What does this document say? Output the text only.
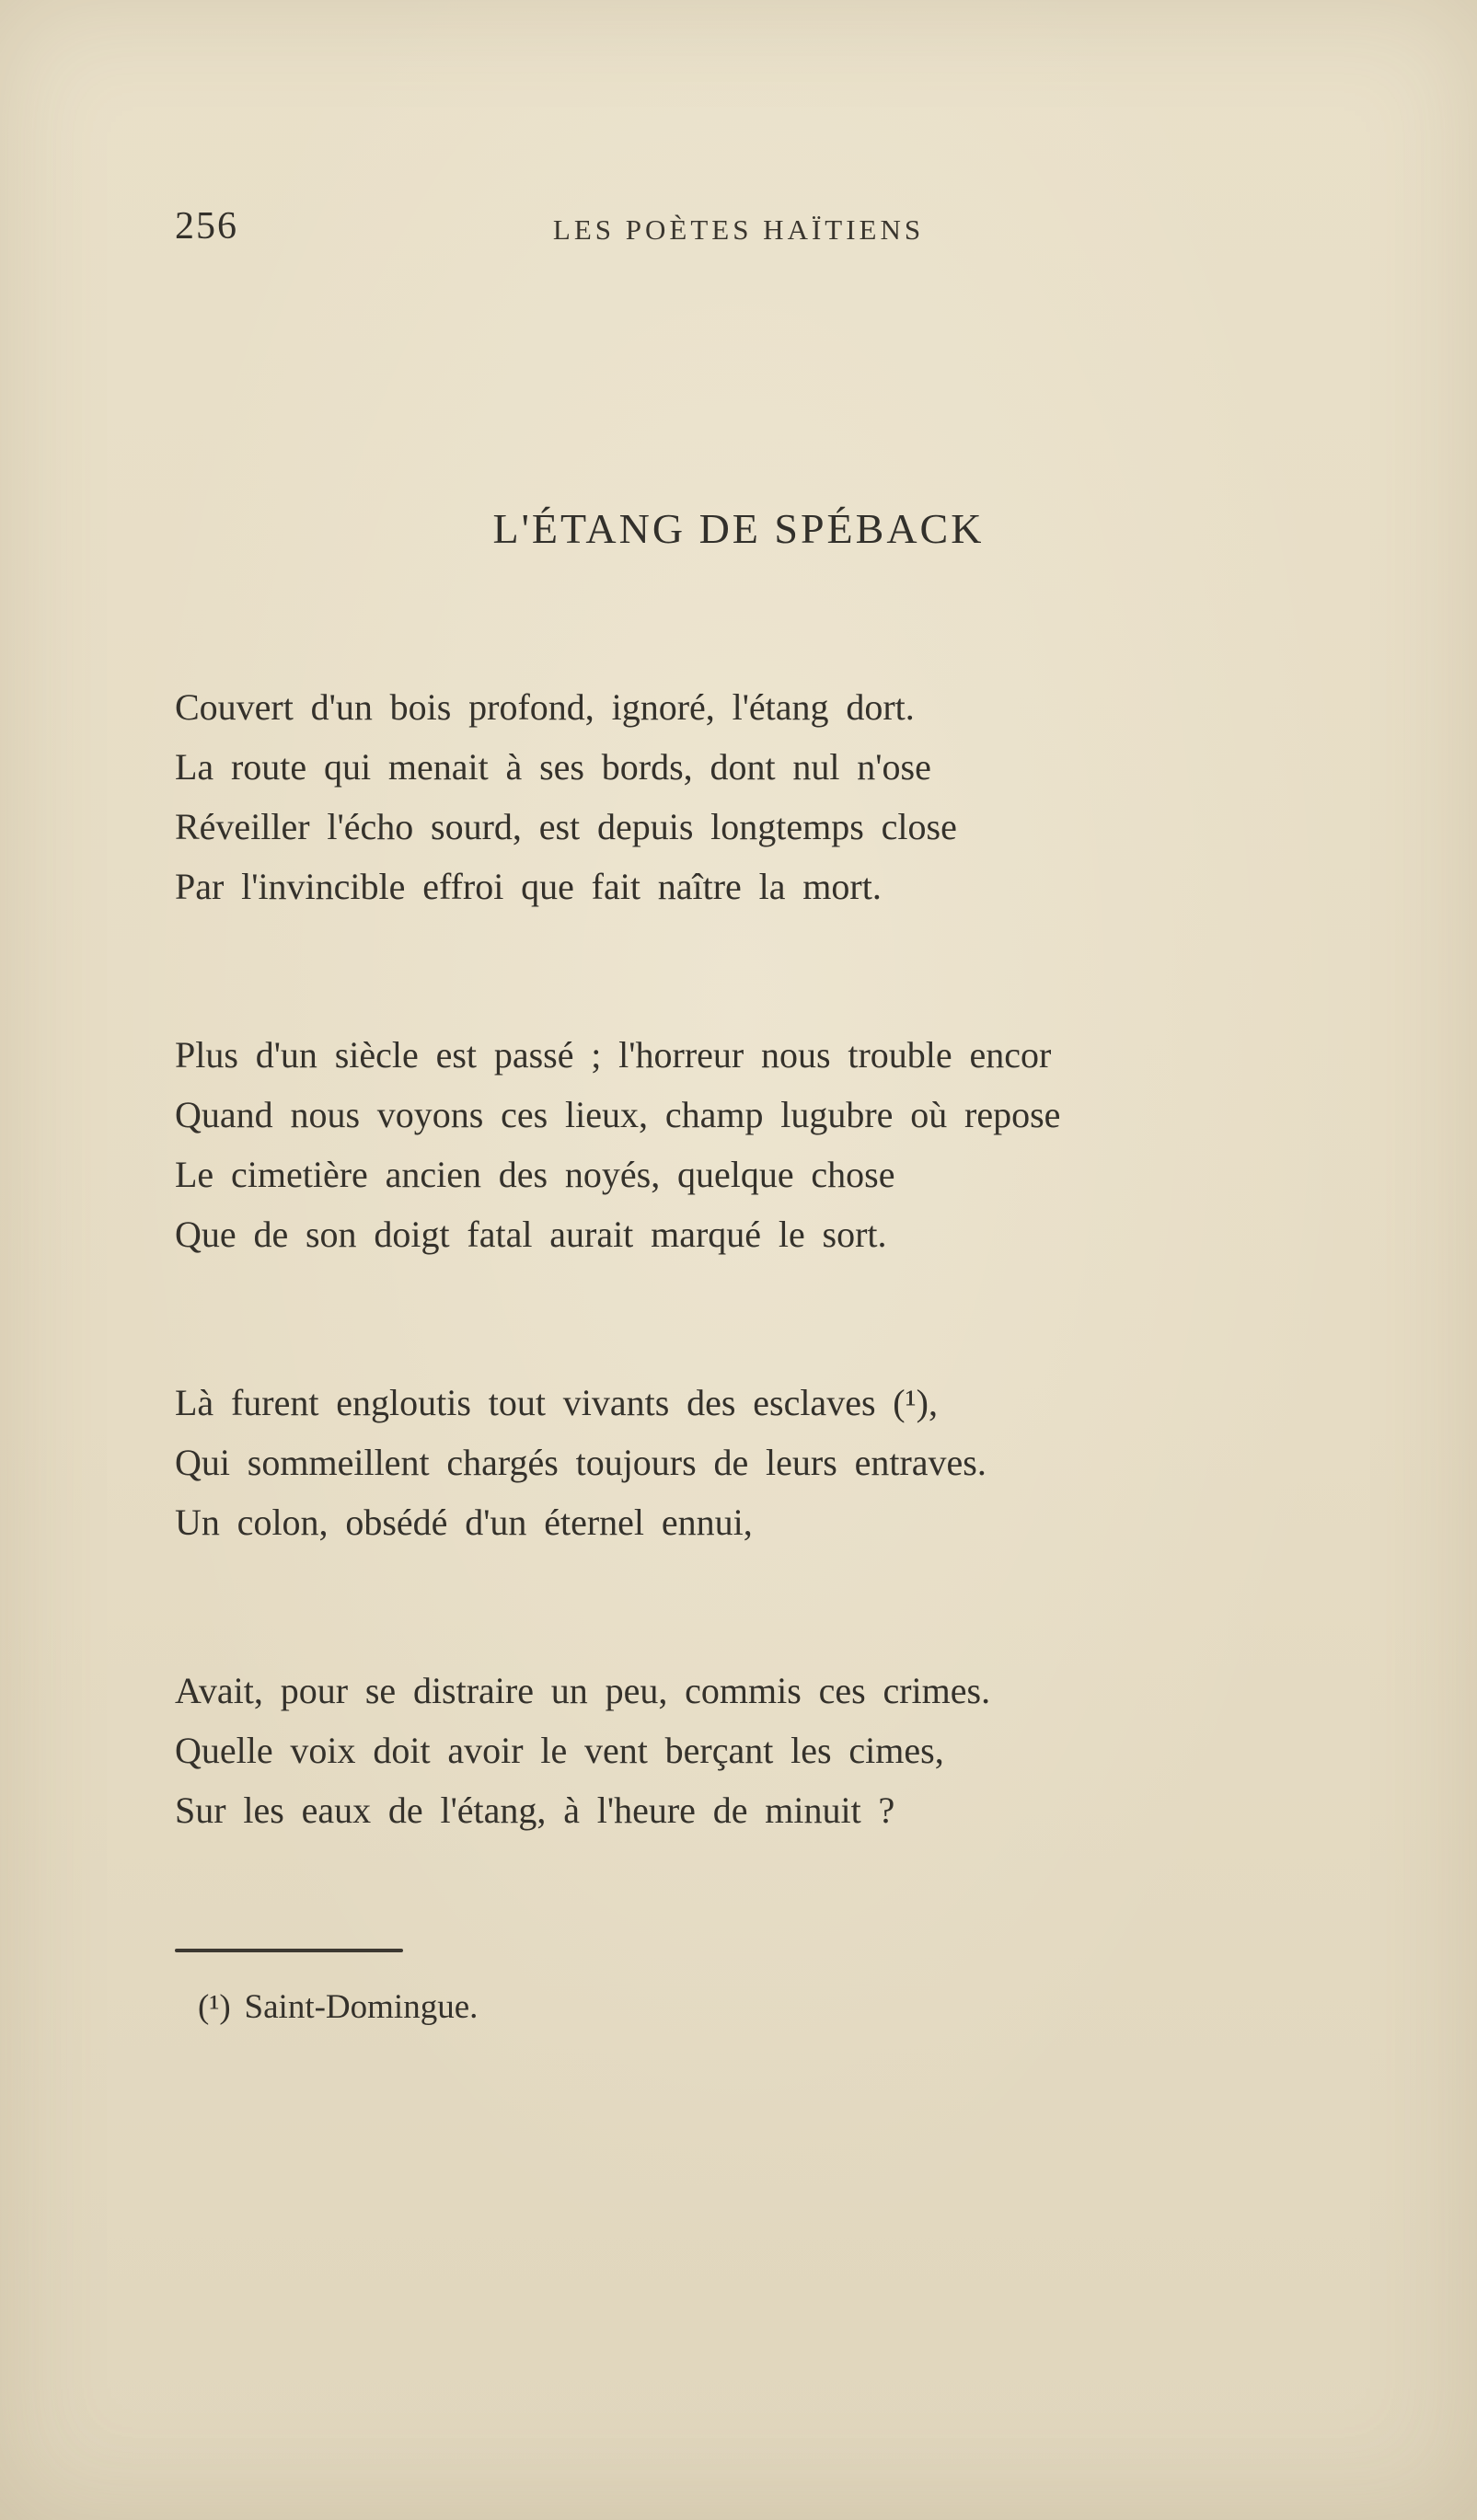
256	LES POÈTES HAÏTIENS
L'ÉTANG DE SPÉBACK

Couvert d'un bois profond, ignoré, l'étang dort.

La route qui menait à ses bords, dont nul n'ose

Réveiller l'écho sourd, est depuis longtemps close

Par l'invincible effroi que fait naître la mort.

Plus d'un siècle est passé ; l'horreur nous trouble encor

Quand nous voyons ces lieux, champ lugubre où repose

Le cimetière ancien des noyés, quelque chose

Que de son doigt fatal aurait marqué le sort.

Là furent engloutis tout vivants des esclaves (¹),

Qui sommeillent chargés toujours de leurs entraves.

Un colon, obsédé d'un éternel ennui,

Avait, pour se distraire un peu, commis ces crimes.

Quelle voix doit avoir le vent berçant les cimes,

Sur les eaux de l'étang, à l'heure de minuit ?

(¹) Saint-Domingue.
